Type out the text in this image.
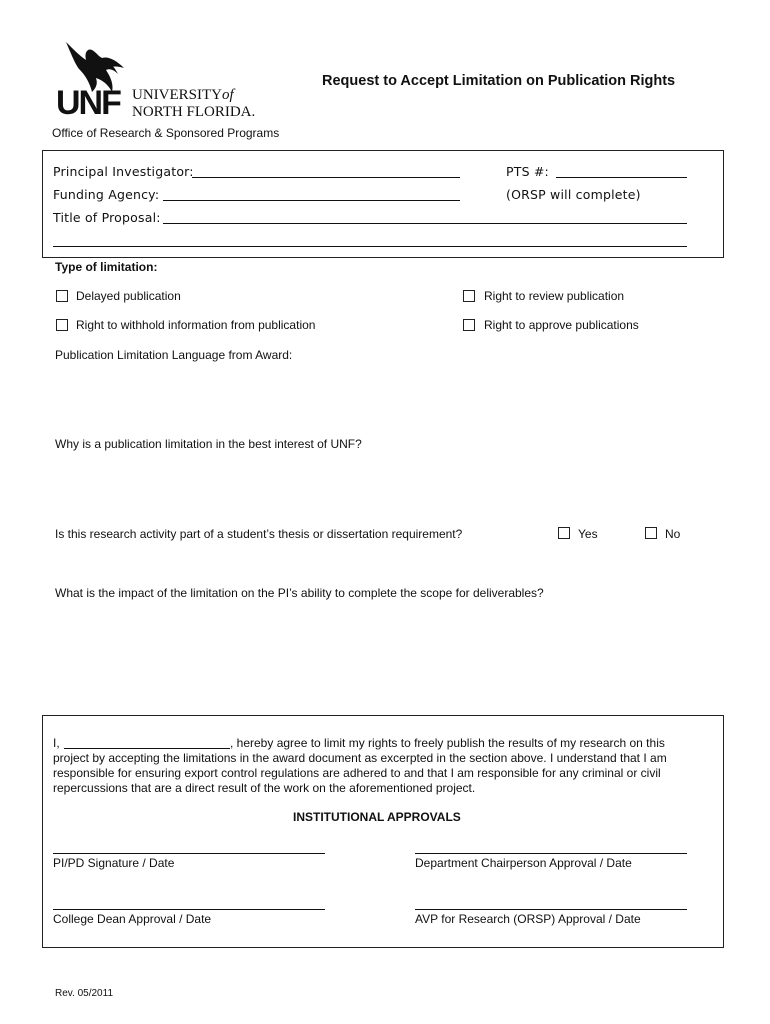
UNF UNIVERSITYof
NORTH FLORIDA.
Office of Research & Sponsored Programs
Request to Accept Limitation on Publication Rights
Principal Investigator:	PTS #:
Funding Agency:	(ORSP will complete)
Title of Proposal:
Type of limitation:
Delayed publication	Right to review publication
Right to withhold information from publication	Right to approve publications
Publication Limitation Language from Award:
Why is a publication limitation in the best interest of UNF?
Is this research activity part of a student’s thesis or dissertation requirement?	Yes	No
What is the impact of the limitation on the PI’s ability to complete the scope for deliverables?
I,	, hereby agree to limit my rights to freely publish the results of my research on this
project by accepting the limitations in the award document as excerpted in the section above. I understand that I am
responsible for ensuring export control regulations are adhered to and that I am responsible for any criminal or civil
repercussions that are a direct result of the work on the aforementioned project.
INSTITUTIONAL APPROVALS
PI/PD Signature / Date	Department Chairperson Approval / Date
College Dean Approval / Date	AVP for Research (ORSP) Approval / Date
Rev. 05/2011
